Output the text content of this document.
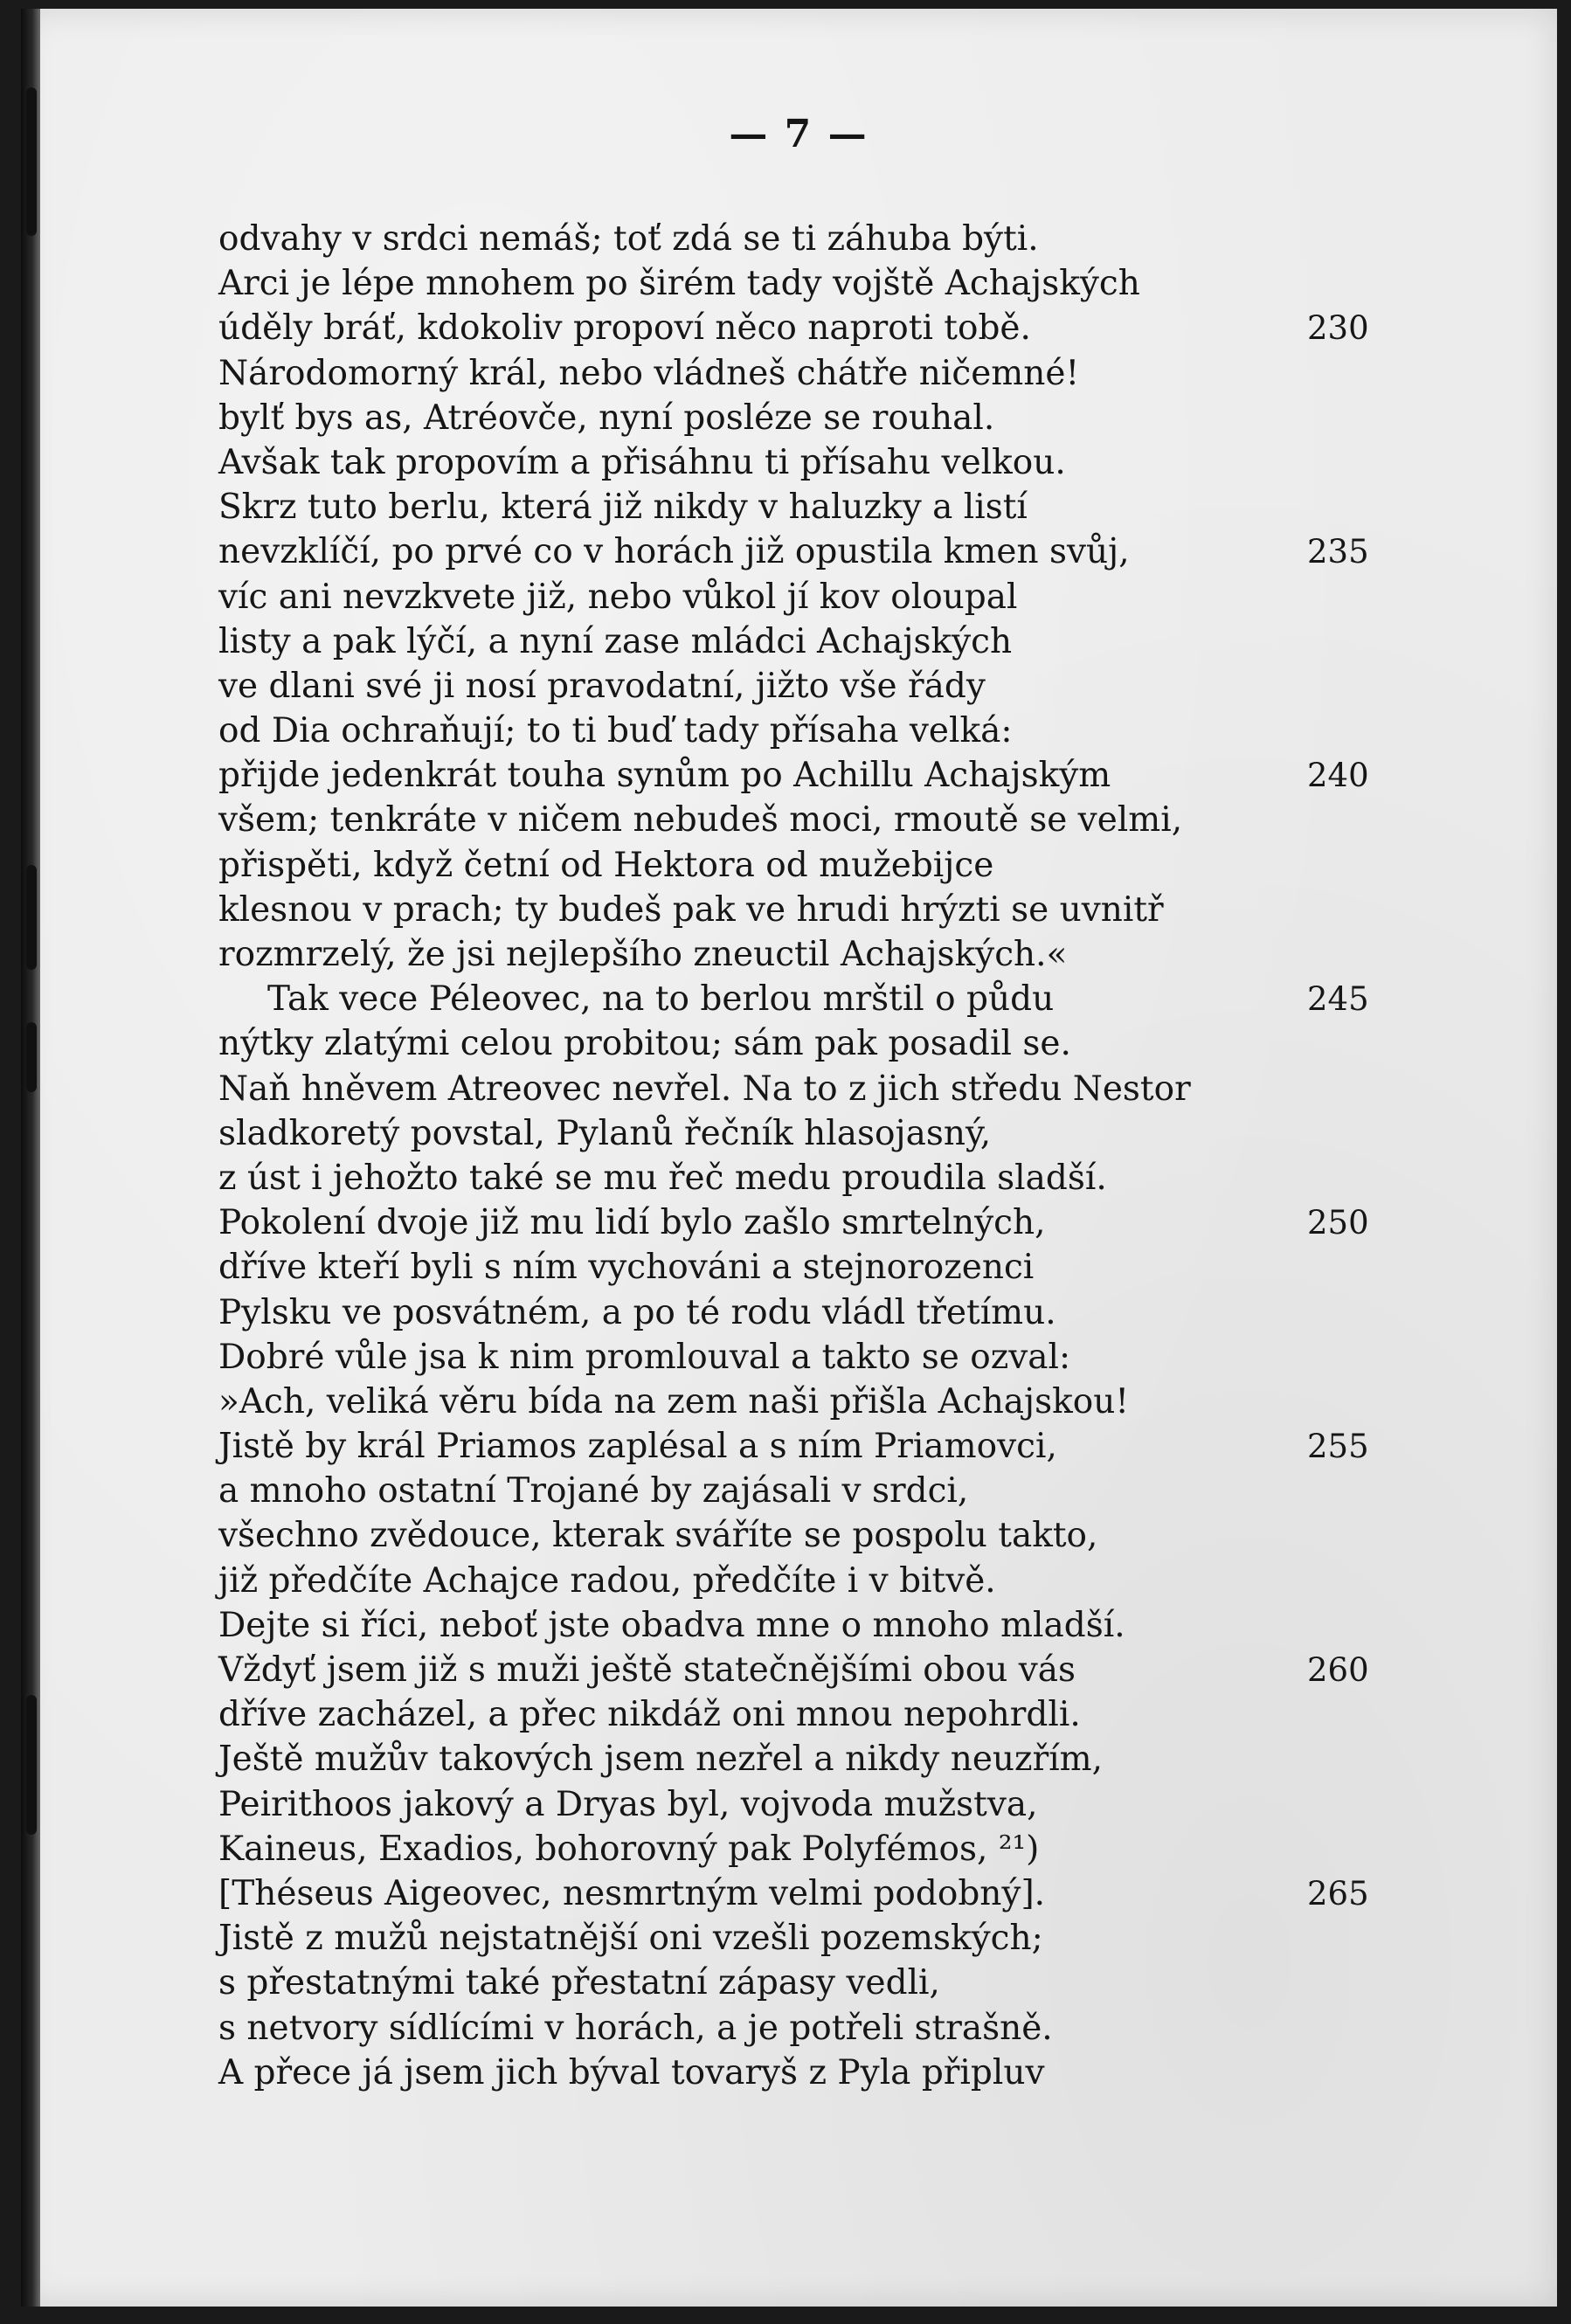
— 7 —
odvahy v srdci nemáš; toť zdá se ti záhuba býti.
Arci je lépe mnohem po širém tady vojště Achajských
úděly bráť, kdokoliv propoví něco naproti tobě.	230
Národomorný král, nebo vládneš chátře ničemné!
bylť bys as, Atréovče, nyní posléze se rouhal.
Avšak tak propovím a přisáhnu ti přísahu velkou.
Skrz tuto berlu, která již nikdy v haluzky a listí
nevzklíčí, po prvé co v horách již opustila kmen svůj,	235
víc ani nevzkvete již, nebo vůkol jí kov oloupal
listy a pak lýčí, a nyní zase mládci Achajských
ve dlani své ji nosí pravodatní, jižto vše řády
od Dia ochraňují; to ti buď tady přísaha velká:
přijde jedenkrát touha synům po Achillu Achajským	240
všem; tenkráte v ničem nebudeš moci, rmoutě se velmi,
přispěti, když četní od Hektora od mužebijce
klesnou v prach; ty budeš pak ve hrudi hrýzti se uvnitř
rozmrzelý, že jsi nejlepšího zneuctil Achajských.«
Tak vece Péleovec, na to berlou mrštil o půdu	245
nýtky zlatými celou probitou; sám pak posadil se.
Naň hněvem Atreovec nevřel. Na to z jich středu Nestor
sladkoretý povstal, Pylanů řečník hlasojasný,
z úst i jehožto také se mu řeč medu proudila sladší.
Pokolení dvoje již mu lidí bylo zašlo smrtelných,	250
dříve kteří byli s ním vychováni a stejnorozenci
Pylsku ve posvátném, a po té rodu vládl třetímu.
Dobré vůle jsa k nim promlouval a takto se ozval:
»Ach, veliká věru bída na zem naši přišla Achajskou!
Jistě by král Priamos zaplésal a s ním Priamovci,	255
a mnoho ostatní Trojané by zajásali v srdci,
všechno zvědouce, kterak sváříte se pospolu takto,
již předčíte Achajce radou, předčíte i v bitvě.
Dejte si říci, neboť jste obadva mne o mnoho mladší.
Vždyť jsem již s muži ještě statečnějšími obou vás	260
dříve zacházel, a přec nikdáž oni mnou nepohrdli.
Ještě mužův takových jsem nezřel a nikdy neuzřím,
Peirithoos jakový a Dryas byl, vojvoda mužstva,
Kaineus, Exadios, bohorovný pak Polyfémos, ²¹)
[Théseus Aigeovec, nesmrtným velmi podobný].	265
Jistě z mužů nejstatnější oni vzešli pozemských;
s přestatnými také přestatní zápasy vedli,
s netvory sídlícími v horách, a je potřeli strašně.
A přece já jsem jich býval tovaryš z Pyla připluv
